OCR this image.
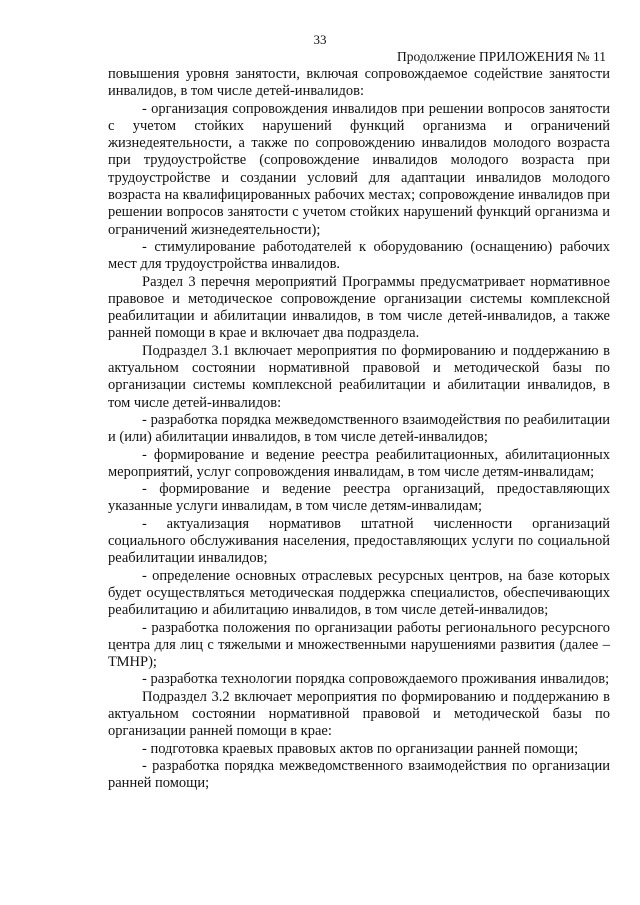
33
Продолжение ПРИЛОЖЕНИЯ № 11

повышения уровня занятости, включая сопровождаемое содействие занятости инвалидов, в том числе детей-инвалидов:

- организация сопровождения инвалидов при решении вопросов занятости с учетом стойких нарушений функций организма и ограничений жизнедеятельности, а также по сопровождению инвалидов молодого возраста при трудоустройстве (сопровождение инвалидов молодого возраста при трудоустройстве и создании условий для адаптации инвалидов молодого возраста на квалифицированных рабочих местах; сопровождение инвалидов при решении вопросов занятости с учетом стойких нарушений функций организма и ограничений жизнедеятельности);

- стимулирование работодателей к оборудованию (оснащению) рабочих мест для трудоустройства инвалидов.

Раздел 3 перечня мероприятий Программы предусматривает нормативное правовое и методическое сопровождение организации системы комплексной реабилитации и абилитации инвалидов, в том числе детей-инвалидов, а также ранней помощи в крае и включает два подраздела.

Подраздел 3.1 включает мероприятия по формированию и поддержанию в актуальном состоянии нормативной правовой и методической базы по организации системы комплексной реабилитации и абилитации инвалидов, в том числе детей-инвалидов:

- разработка порядка межведомственного взаимодействия по реабилитации и (или) абилитации инвалидов, в том числе детей-инвалидов;

- формирование и ведение реестра реабилитационных, абилитационных мероприятий, услуг сопровождения инвалидам, в том числе детям-инвалидам;

- формирование и ведение реестра организаций, предоставляющих указанные услуги инвалидам, в том числе детям-инвалидам;

- актуализация нормативов штатной численности организаций социального обслуживания населения, предоставляющих услуги по социальной реабилитации инвалидов;

- определение основных отраслевых ресурсных центров, на базе которых будет осуществляться методическая поддержка специалистов, обеспечивающих реабилитацию и абилитацию инвалидов, в том числе детей-инвалидов;

- разработка положения по организации работы регионального ресурсного центра для лиц с тяжелыми и множественными нарушениями развития (далее – ТМНР);

- разработка технологии порядка сопровождаемого проживания инвалидов;

Подраздел 3.2 включает мероприятия по формированию и поддержанию в актуальном состоянии нормативной правовой и методической базы по организации ранней помощи в крае:

- подготовка краевых правовых актов по организации ранней помощи;

- разработка порядка межведомственного взаимодействия по организации ранней помощи;
